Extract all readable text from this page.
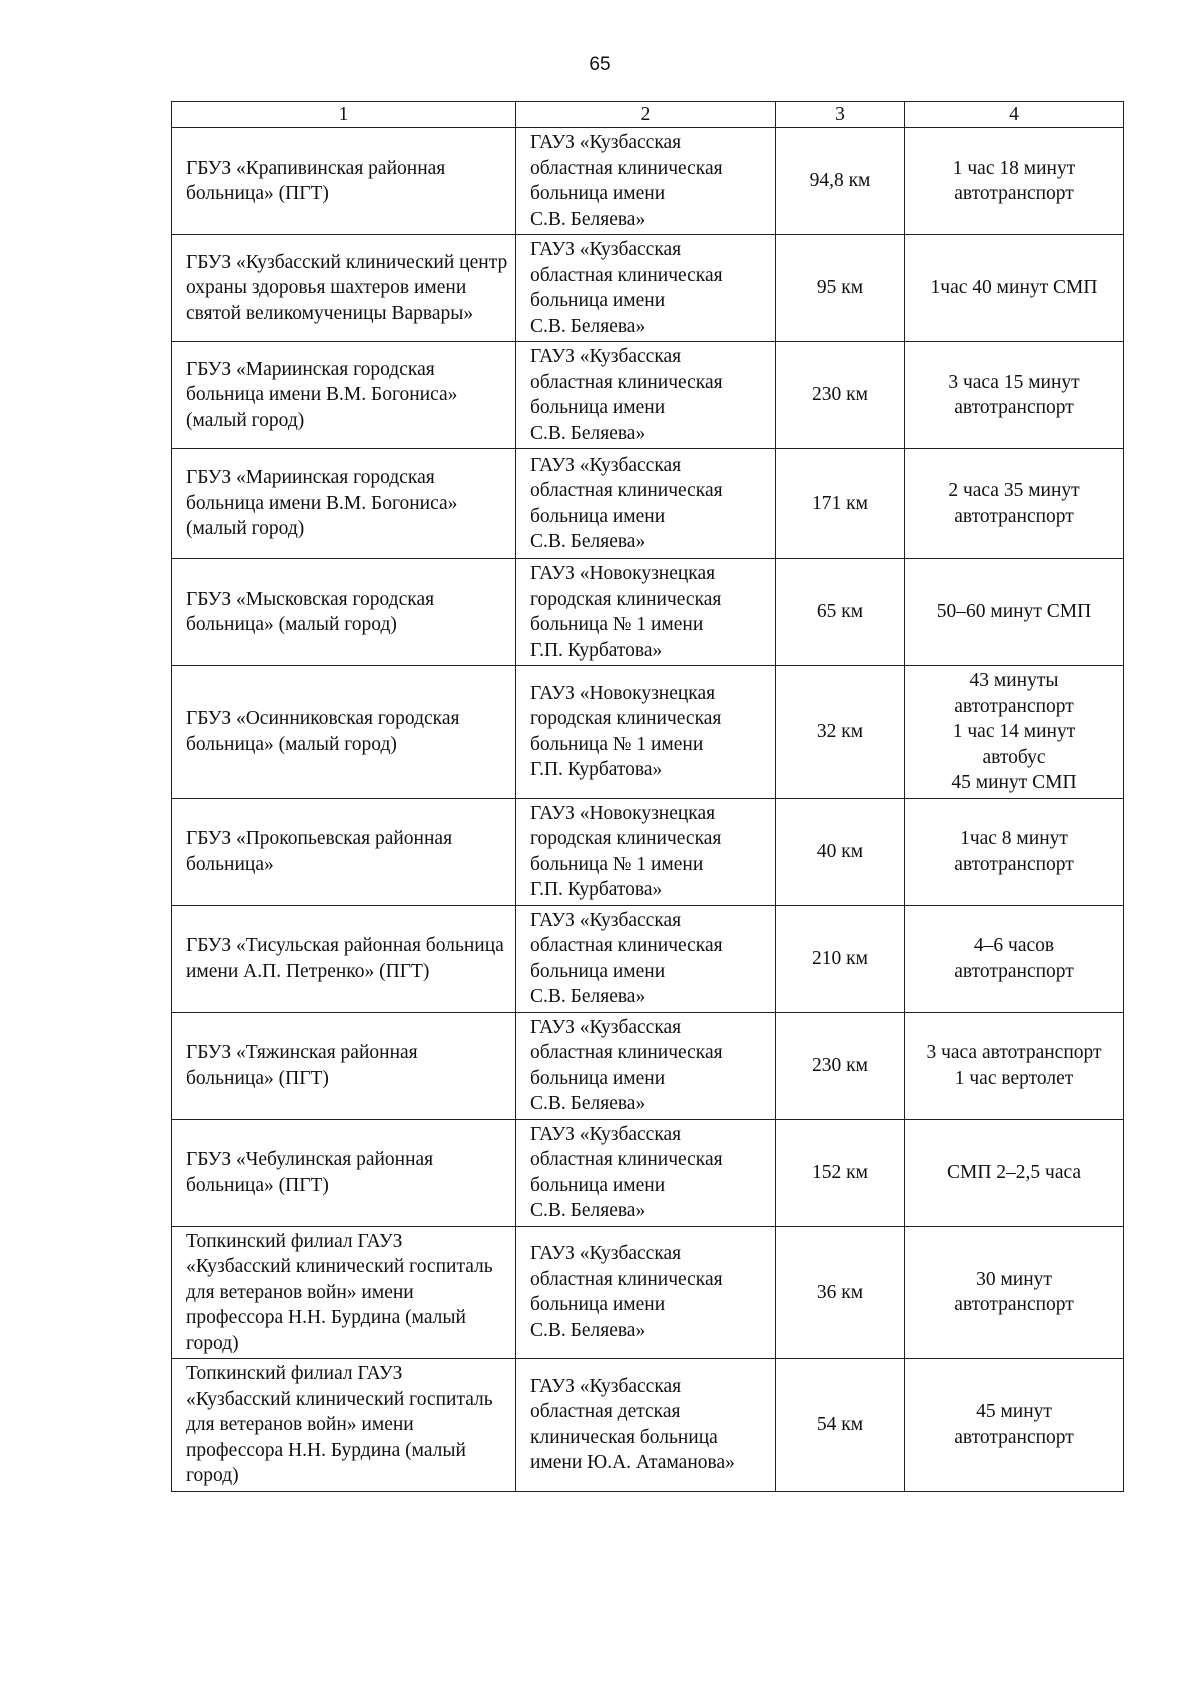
65
1	2	3	4
ГБУЗ «Крапивинская районная больница» (ПГТ)	ГАУЗ «Кузбасская
областная клиническая
больница имени
С.В. Беляева»	94,8 км	1 час 18 минут
автотранспорт
ГБУЗ «Кузбасский клинический центр охраны здоровья шахтеров имени святой великомученицы Варвары»	ГАУЗ «Кузбасская
областная клиническая
больница имени
С.В. Беляева»	95 км	1час 40 минут СМП
ГБУЗ «Мариинская городская больница имени В.М. Богониса» (малый город)	ГАУЗ «Кузбасская
областная клиническая
больница имени
С.В. Беляева»	230 км	3 часа 15 минут
автотранспорт
ГБУЗ «Мариинская городская больница имени В.М. Богониса» (малый город)	ГАУЗ «Кузбасская
областная клиническая
больница имени
С.В. Беляева»	171 км	2 часа 35 минут
автотранспорт
ГБУЗ «Мысковская городская больница» (малый город)	ГАУЗ «Новокузнецкая
городская клиническая
больница № 1 имени
Г.П. Курбатова»	65 км	50–60 минут СМП
ГБУЗ «Осинниковская городская больница» (малый город)	ГАУЗ «Новокузнецкая
городская клиническая
больница № 1 имени
Г.П. Курбатова»	32 км	43 минуты
автотранспорт
1 час 14 минут
автобус
45 минут СМП
ГБУЗ «Прокопьевская районная больница»	ГАУЗ «Новокузнецкая
городская клиническая
больница № 1 имени
Г.П. Курбатова»	40 км	1час 8 минут
автотранспорт
ГБУЗ «Тисульская районная больница
имени А.П. Петренко» (ПГТ)	ГАУЗ «Кузбасская
областная клиническая
больница имени
С.В. Беляева»	210 км	4–6 часов
автотранспорт
ГБУЗ «Тяжинская районная больница» (ПГТ)	ГАУЗ «Кузбасская
областная клиническая
больница имени
С.В. Беляева»	230 км	3 часа автотранспорт
1 час вертолет
ГБУЗ «Чебулинская районная больница» (ПГТ)	ГАУЗ «Кузбасская
областная клиническая
больница имени
С.В. Беляева»	152 км	СМП 2–2,5 часа
Топкинский филиал ГАУЗ «Кузбасский клинический госпиталь для ветеранов войн» имени профессора Н.Н. Бурдина (малый город)	ГАУЗ «Кузбасская
областная клиническая
больница имени
С.В. Беляева»	36 км	30 минут
автотранспорт
Топкинский филиал ГАУЗ «Кузбасский клинический госпиталь для ветеранов войн» имени профессора Н.Н. Бурдина (малый город)	ГАУЗ «Кузбасская
областная детская
клиническая больница
имени Ю.А. Атаманова»	54 км	45 минут
автотранспорт
